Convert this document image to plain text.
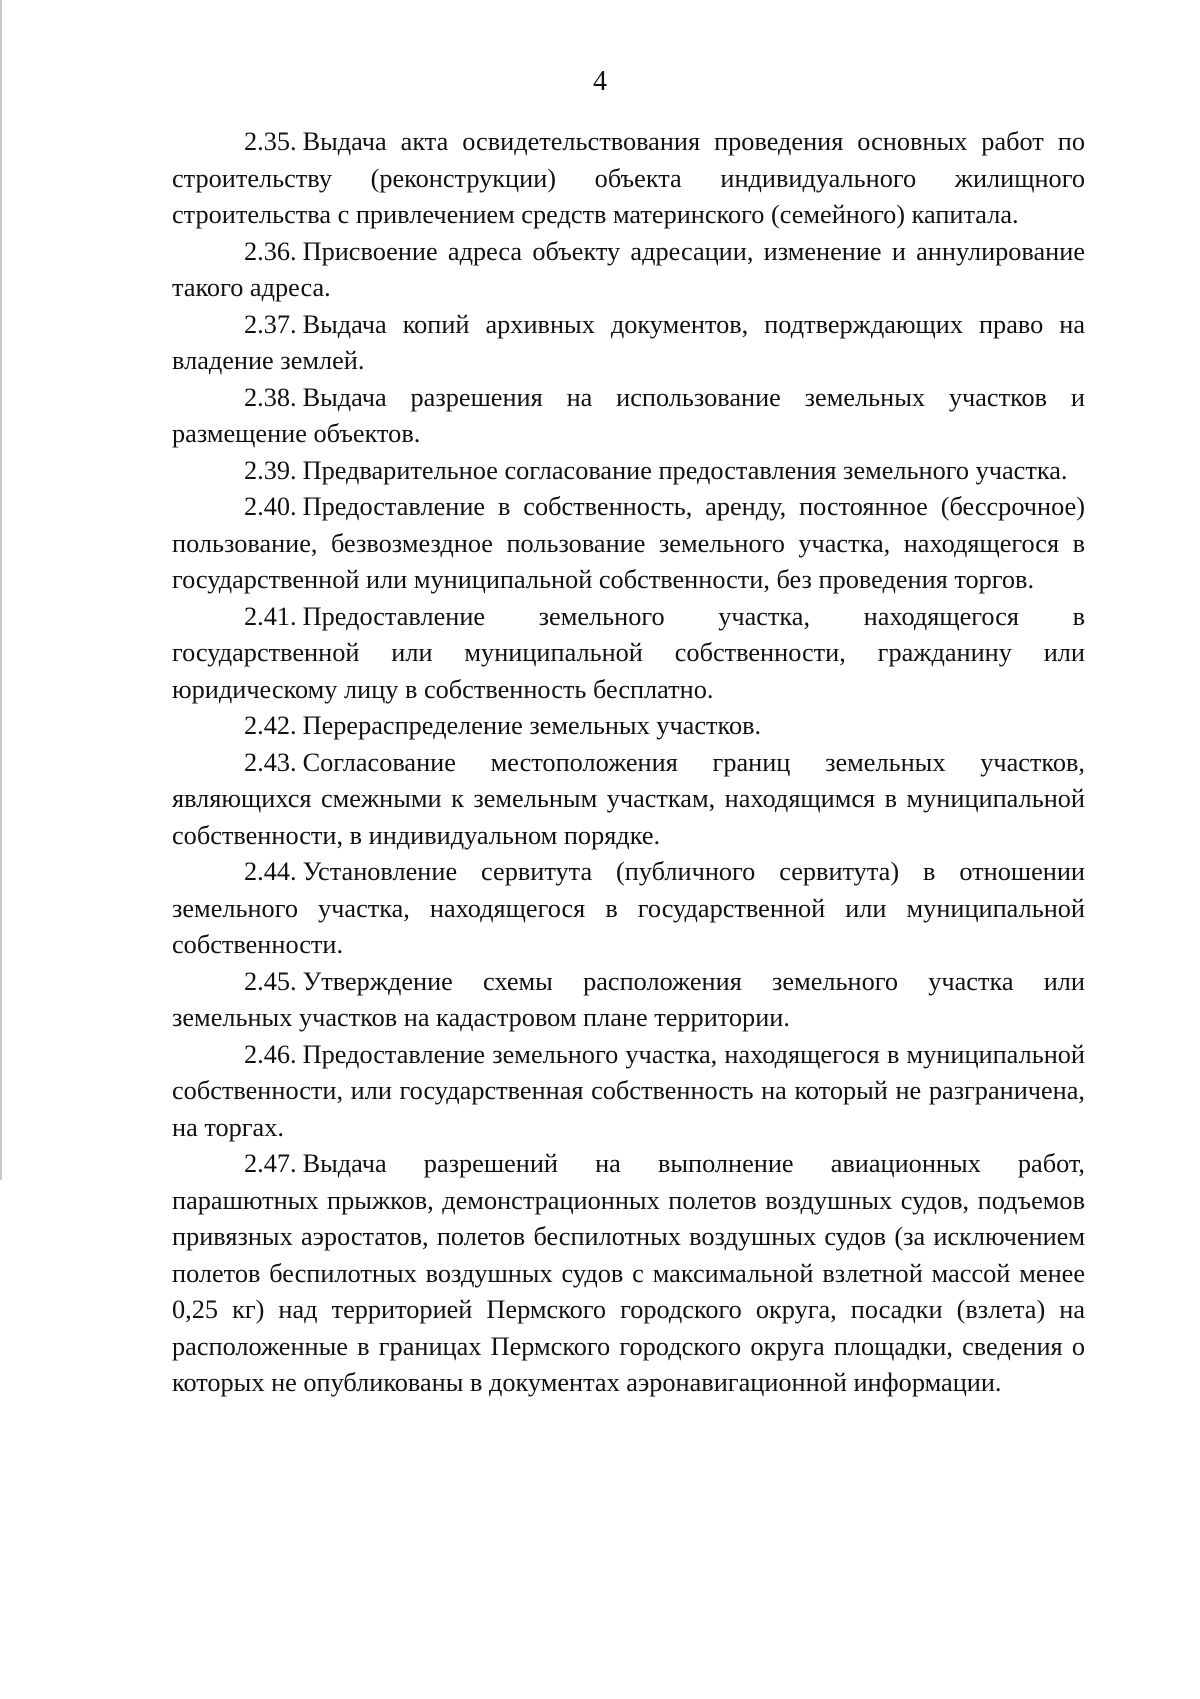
4

2.35. Выдача акта освидетельствования проведения основных работ по строительству (реконструкции) объекта индивидуального жилищного строительства с привлечением средств материнского (семейного) капитала.

2.36. Присвоение адреса объекту адресации, изменение и аннулирование такого адреса.

2.37. Выдача копий архивных документов, подтверждающих право на владение землей.

2.38. Выдача разрешения на использование земельных участков и размещение объектов.

2.39. Предварительное согласование предоставления земельного участка.

2.40. Предоставление в собственность, аренду, постоянное (бессрочное) пользование, безвозмездное пользование земельного участка, находящегося в государственной или муниципальной собственности, без проведения торгов.

2.41. Предоставление земельного участка, находящегося в государственной или муниципальной собственности, гражданину или юридическому лицу в собственность бесплатно.

2.42. Перераспределение земельных участков.

2.43. Согласование местоположения границ земельных участков, являющихся смежными к земельным участкам, находящимся в муниципальной собственности, в индивидуальном порядке.

2.44. Установление сервитута (публичного сервитута) в отношении земельного участка, находящегося в государственной или муниципальной собственности.

2.45. Утверждение схемы расположения земельного участка или земельных участков на кадастровом плане территории.

2.46. Предоставление земельного участка, находящегося в муниципальной собственности, или государственная собственность на который не разграничена, на торгах.

2.47. Выдача разрешений на выполнение авиационных работ, парашютных прыжков, демонстрационных полетов воздушных судов, подъемов привязных аэростатов, полетов беспилотных воздушных судов (за исключением полетов беспилотных воздушных судов с максимальной взлетной массой менее 0,25 кг) над территорией Пермского городского округа, посадки (взлета) на расположенные в границах Пермского городского округа площадки, сведения о которых не опубликованы в документах аэронавигационной информации.
